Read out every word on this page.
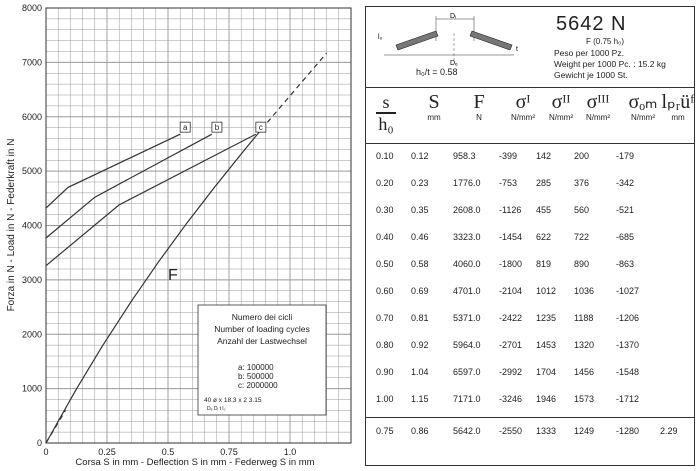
0
1000
2000
3000
4000
5000
6000
7000
8000
0	0.25	0.5	0.75	1.0
Forza in N - Load in N - Federkraft in N
Corsa S in mm - Deflection S in mm - Federweg S in mm
a	b	c
F
Numero dei cicli
Number of loading cycles
Anzahl der Lastwechsel
a: 100000
b: 500000
c: 2000000
40 ø x 18.3 x 2 3.15
Dₑ Dᵢ t l₀
Dᵢ
Dₑ
l₀
t
h₀/t = 0.58
5642 N
F (0.75 h₀)
Peso per 1000 Pz.
Weight per 1000 Pc. : 15.2 kg
Gewicht je 1000 St.
s
h₀
S
mm
F
N
σᴵ
N/mm²
σᴵᴵ
N/mm²
σᴵᴵᴵ
N/mm²
σₒₘ
N/mm²
lₚᵣüᶠ
mm
0.10 0.12	958.3	-399 142	200	-179
0.20 0.23	1776.0 -753 285	376	-342
0.30 0.35	2608.0 -1126 455	560	-521
0.40 0.46	3323.0 -1454 622	722	-685
0.50 0.58	4060.0 -1800 819	890	-863
0.60 0.69	4701.0 -2104 1012 1036 -1027
0.70 0.81	5371.0 -2422 1235 1188	-1206
0.80 0.92	5964.0 -2701 1453 1320 -1370
0.90 1.04	6597.0 -2992 1704 1456 -1548
1.00 1.15	7171.0 -3246 1946 1573 -1712
0.75 0.86	5642.0 -2550 1333 1249 -1280 2.29
